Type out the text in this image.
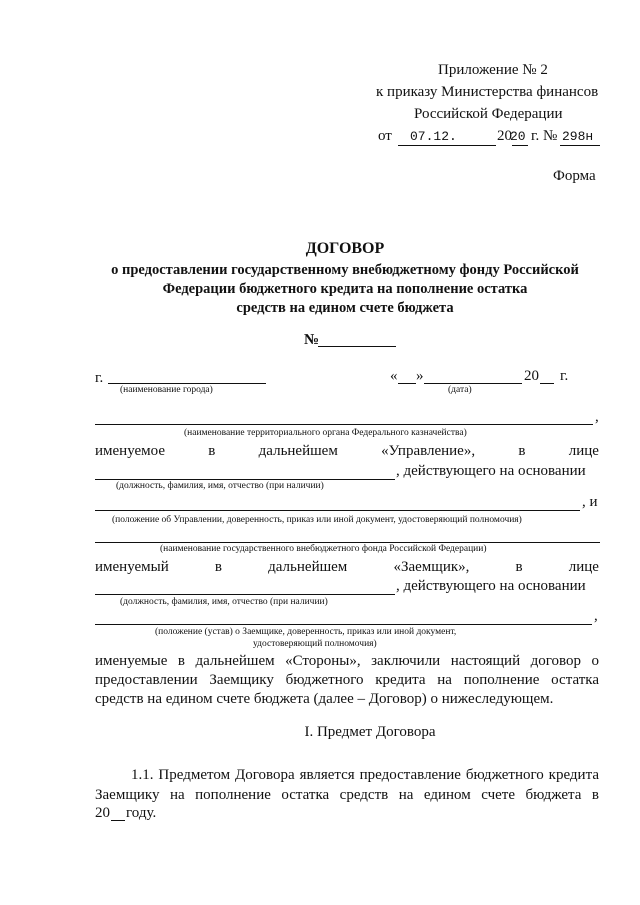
Приложение № 2
к приказу Министерства финансов
Российской Федерации
от 07.12.	20
20 г. № 298н
Форма
ДОГОВОР
о предоставлении государственному внебюджетному фонду Российской
Федерации бюджетного кредита на пополнение остатка
средств на едином счете бюджета
№
г.
(наименование города)
« »	20 г.
(дата)
,
(наименование территориального органа Федерального казначейства)
именуемое	в	дальнейшем	«Управление»,	в	лице
, действующего на основании
(должность, фамилия, имя, отчество (при наличии)
, и
(положение об Управлении, доверенность, приказ или иной документ, удостоверяющий полномочия)
(наименование государственного внебюджетного фонда Российской Федерации)
именуемый	в	дальнейшем	«Заемщик»,	в	лице
, действующего на основании
(должность, фамилия, имя, отчество (при наличии)
,
(положение (устав) о Заемщике, доверенность, приказ или иной документ,
удостоверяющий полномочия)
именуемые в дальнейшем «Стороны», заключили настоящий договор о
предоставлении Заемщику бюджетного кредита на пополнение остатка
средств на едином счете бюджета (далее – Договор) о нижеследующем.
I. Предмет Договора
1.1. Предметом Договора является предоставление бюджетного кредита
Заемщику на пополнение остатка средств на едином счете бюджета в
20 году.
